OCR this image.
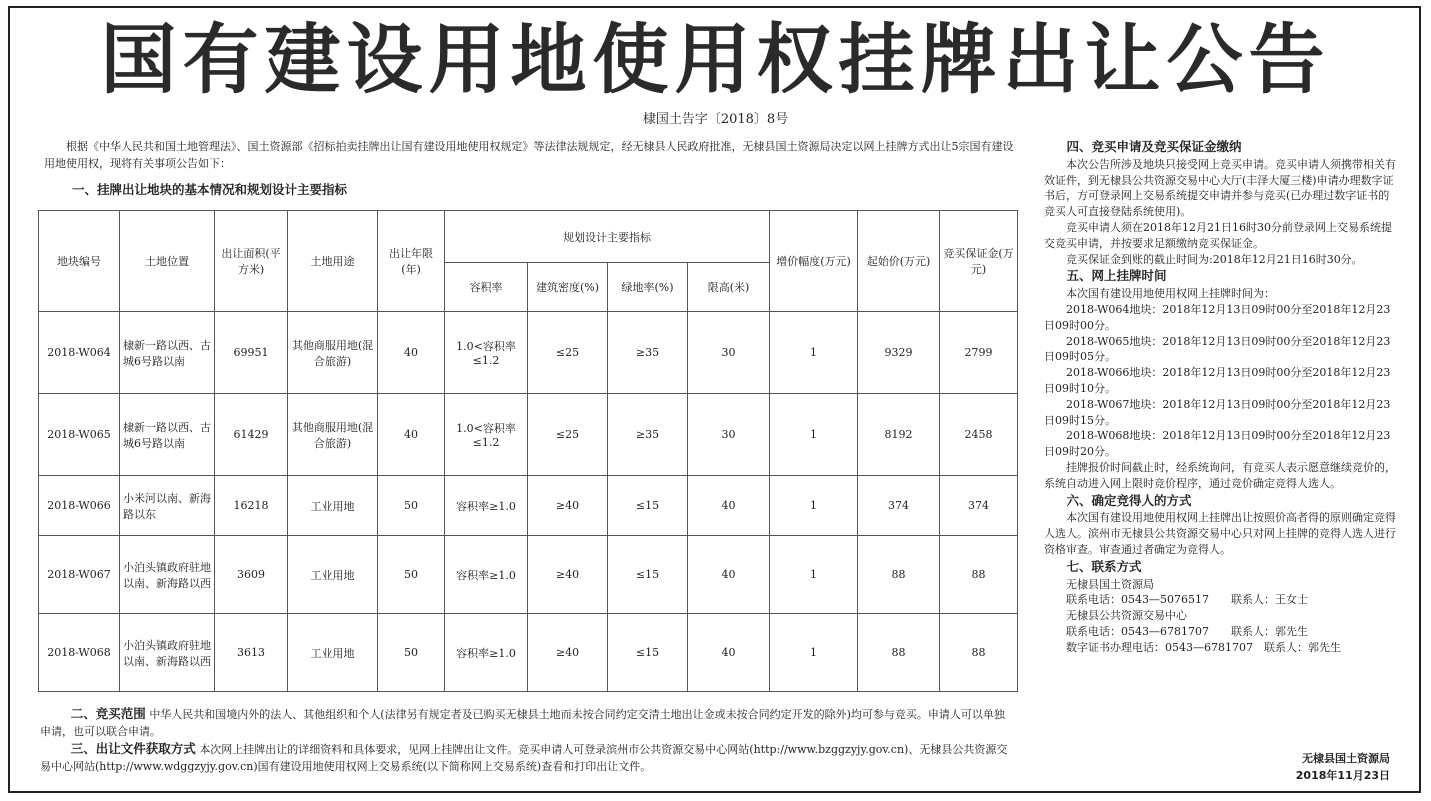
国有建设用地使用权挂牌出让公告
棣国土告字〔2018〕8号
根据《中华人民共和国土地管理法》、国土资源部《招标拍卖挂牌出让国有建设用地使用权规定》等法律法规规定，经无棣县人民政府批准，无棣县国土资源局决定以网上挂牌方式出让5宗国有建设用地使用权，现将有关事项公告如下：
一、挂牌出让地块的基本情况和规划设计主要指标
地块编号	土地位置	出让面积(平方米)	土地用途	出让年限(年)	规划设计主要指标				增价幅度(万元)	起始价(万元)	竞买保证金(万元)
					容积率	建筑密度(%)	绿地率(%)	限高(米)			
2018-W064	棣新一路以西、古城6号路以南	69951	其他商服用地(混合旅游)	40	1.0<容积率≤1.2	≤25	≥35	30	1	9329	2799
2018-W065	棣新一路以西、古城6号路以南	61429	其他商服用地(混合旅游)	40	1.0<容积率≤1.2	≤25	≥35	30	1	8192	2458
2018-W066	小米河以南、新海路以东	16218	工业用地	50	容积率≥1.0	≥40	≤15	40	1	374	374
2018-W067	小泊头镇政府驻地以南、新海路以西	3609	工业用地	50	容积率≥1.0	≥40	≤15	40	1	88	88
2018-W068	小泊头镇政府驻地以南、新海路以西	3613	工业用地	50	容积率≥1.0	≥40	≤15	40	1	88	88
二、竞买范围 中华人民共和国境内外的法人、其他组织和个人(法律另有规定者及已购买无棣县土地而未按合同约定交清土地出让金或未按合同约定开发的除外)均可参与竞买。申请人可以单独申请，也可以联合申请。
三、出让文件获取方式 本次网上挂牌出让的详细资料和具体要求，见网上挂牌出让文件。竞买申请人可登录滨州市公共资源交易中心网站(http://www.bzggzyjy.gov.cn)、无棣县公共资源交易中心网站(http://www.wdggzyjy.gov.cn)国有建设用地使用权网上交易系统(以下简称网上交易系统)查看和打印出让文件。
四、竞买申请及竞买保证金缴纳

本次公告所涉及地块只接受网上竞买申请。竞买申请人须携带相关有效证件，到无棣县公共资源交易中心大厅(丰泽大厦三楼)申请办理数字证书后，方可登录网上交易系统提交申请并参与竞买(已办理过数字证书的竞买人可直接登陆系统使用)。

竞买申请人须在2018年12月21日16时30分前登录网上交易系统提交竞买申请，并按要求足额缴纳竞买保证金。

竞买保证金到账的截止时间为:2018年12月21日16时30分。

五、网上挂牌时间

本次国有建设用地使用权网上挂牌时间为：

2018-W064地块：2018年12月13日09时00分至2018年12月23日09时00分。

2018-W065地块：2018年12月13日09时00分至2018年12月23日09时05分。

2018-W066地块：2018年12月13日09时00分至2018年12月23日09时10分。

2018-W067地块：2018年12月13日09时00分至2018年12月23日09时15分。

2018-W068地块：2018年12月13日09时00分至2018年12月23日09时20分。

挂牌报价时间截止时，经系统询问，有竞买人表示愿意继续竞价的，系统自动进入网上限时竞价程序，通过竞价确定竞得人选人。

六、确定竞得人的方式

本次国有建设用地使用权网上挂牌出让按照价高者得的原则确定竞得人选人。滨州市无棣县公共资源交易中心只对网上挂牌的竞得人选人进行资格审查。审查通过者确定为竞得人。

七、联系方式
无棣县国土资源局
联系电话：0543—5076517　　联系人：王女士
无棣县公共资源交易中心
联系电话：0543—6781707　　联系人：郭先生
数字证书办理电话：0543—6781707　联系人：郭先生
无棣县国土资源局
2018年11月23日
